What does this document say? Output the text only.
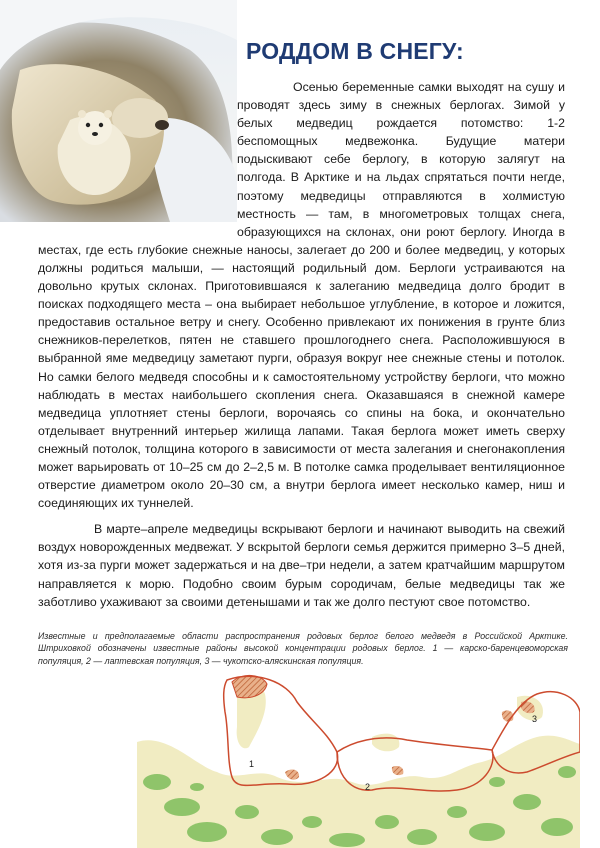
РОДДОМ В СНЕГУ:

Осенью беременные самки выходят на сушу и проводят здесь зиму в снежных берлогах. Зимой у белых медведиц рождается потомство: 1-2 беспомощных медвежонка. Будущие матери подыскивают себе берлогу, в которую залягут на полгода. В Арктике и на льдах спрятаться почти негде, поэтому медведицы отправляются в холмистую местность — там, в многометровых толщах снега, образующихся на склонах, они роют берлогу. Иногда в местах, где есть глубокие снежные наносы, залегает до 200 и более медведиц, у которых должны родиться малыши, — настоящий родильный дом. Берлоги устраиваются на довольно крутых склонах. Приготовившаяся к залеганию медведица долго бродит в поисках подходящего места – она выбирает небольшое углубление, в которое и ложится, предоставив остальное ветру и снегу. Особенно привлекают их понижения в грунте близ снежников-перелетков, пятен не ставшего прошлогоднего снега. Расположившуюся в выбранной яме медведицу заметают пурги, образуя вокруг нее снежные стены и потолок. Но самки белого медведя способны и к самостоятельному устройству берлоги, что можно наблюдать в местах наибольшего скопления снега. Оказавшаяся в снежной камере медведица уплотняет стены берлоги, ворочаясь со спины на бока, и окончательно отделывает внутренний интерьер жилища лапами. Такая берлога может иметь сверху снежный потолок, толщина которого в зависимости от места залегания и снегонакопления может варьировать от 10–25 см до 2–2,5 м. В потолке самка проделывает вентиляционное отверстие диаметром около 20–30 см, а внутри берлога имеет несколько камер, ниш и соединяющих их туннелей.

В марте–апреле медведицы вскрывают берлоги и начинают выводить на свежий воздух новорожденных медвежат. У вскрытой берлоги семья держится примерно 3–5 дней, хотя из-за пурги может задержаться и на две–три недели, а затем кратчайшим маршрутом направляется к морю. Подобно своим бурым сородичам, белые медведицы так же заботливо ухаживают за своими детенышами и так же долго пестуют свое потомство.

Известные и предполагаемые области распространения родовых берлог белого медведя в Российской Арктике. Штриховкой обозначены известные районы высокой концентрации родовых берлог. 1 — карско-баренцевоморская популяция, 2 — лаптевская популяция, 3 — чукотско-аляскинская популяция.

1
2
3
